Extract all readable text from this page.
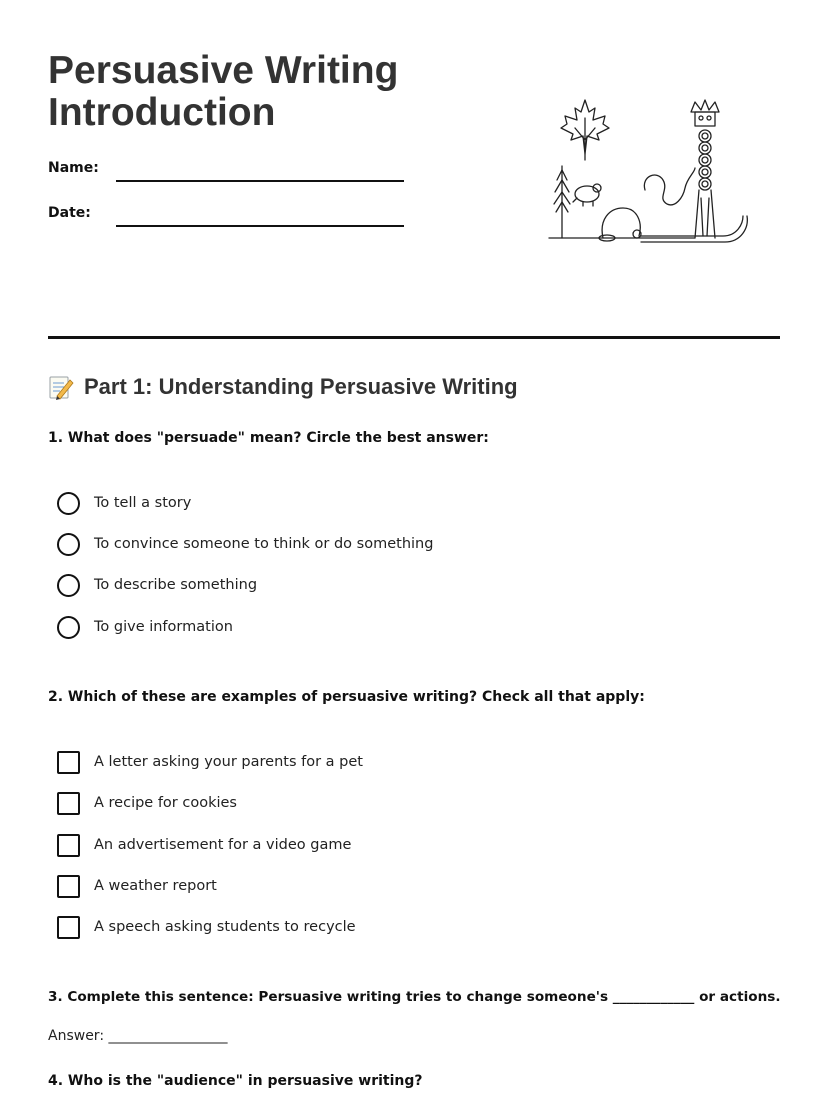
Persuasive Writing
Introduction
Name:
Date:
Part 1: Understanding Persuasive Writing
1. What does "persuade" mean? Circle the best answer:
To tell a story
To convince someone to think or do something
To describe something
To give information
2. Which of these are examples of persuasive writing? Check all that apply:
A letter asking your parents for a pet
A recipe for cookies
An advertisement for a video game
A weather report
A speech asking students to recycle
3. Complete this sentence: Persuasive writing tries to change someone's ____________ or actions.
Answer: _________________
4. Who is the "audience" in persuasive writing?
